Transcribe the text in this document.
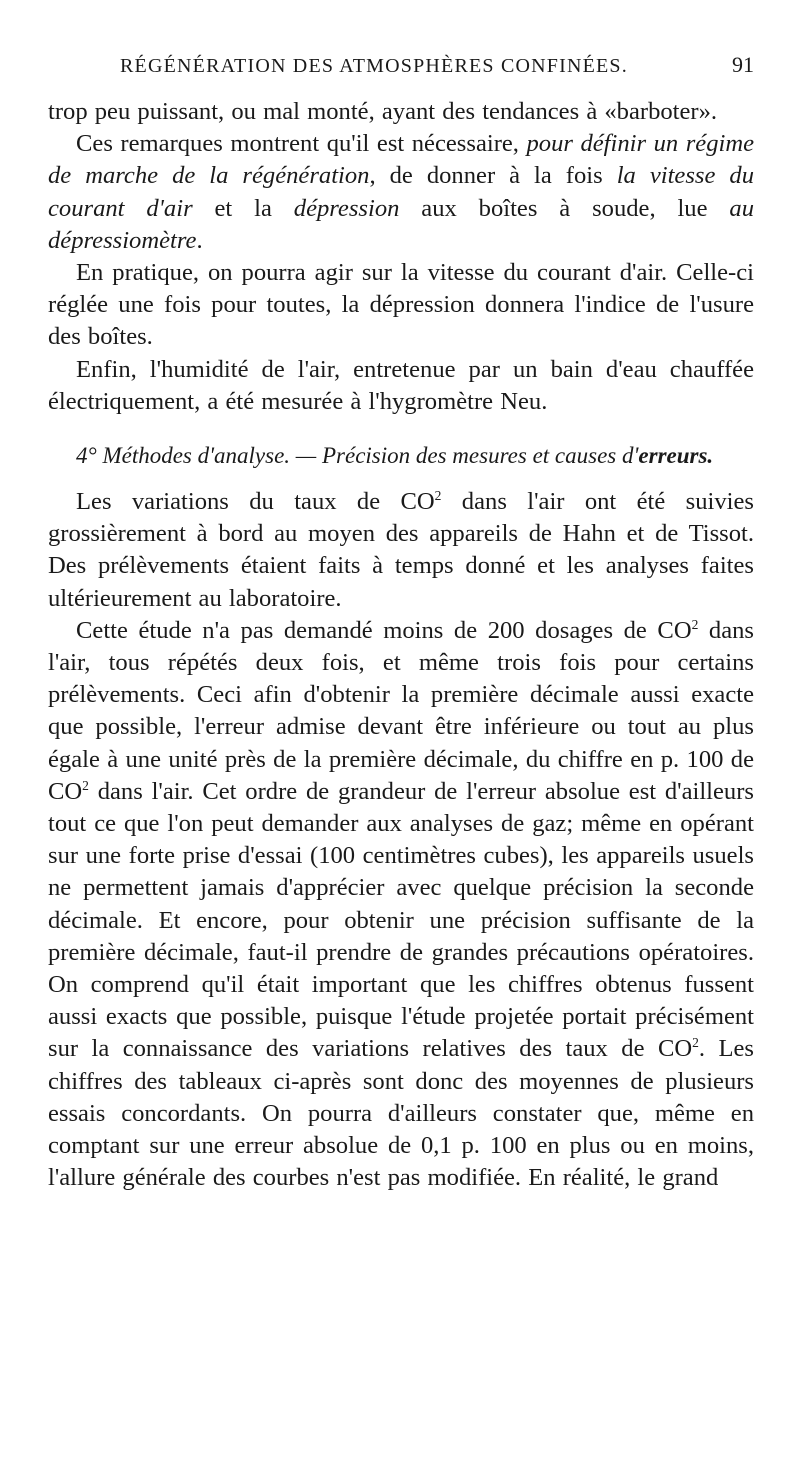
RÉGÉNÉRATION DES ATMOSPHÈRES CONFINÉES.	91

trop peu puissant, ou mal monté, ayant des tendances à «barboter».

Ces remarques montrent qu'il est nécessaire, pour définir un régime de marche de la régénération, de donner à la fois la vitesse du courant d'air et la dépression aux boîtes à soude, lue au dépressiomètre.

En pratique, on pourra agir sur la vitesse du courant d'air. Celle-ci réglée une fois pour toutes, la dépression donnera l'indice de l'usure des boîtes.

Enfin, l'humidité de l'air, entretenue par un bain d'eau chauffée électriquement, a été mesurée à l'hygromètre Neu.

4° Méthodes d'analyse. — Précision des mesures et causes d'erreurs.

Les variations du taux de $CO^2$ dans l'air ont été suivies grossièrement à bord au moyen des appareils de Hahn et de Tissot. Des prélèvements étaient faits à temps donné et les analyses faites ultérieurement au laboratoire.

Cette étude n'a pas demandé moins de 200 dosages de $CO^2$ dans l'air, tous répétés deux fois, et même trois fois pour certains prélèvements. Ceci afin d'obtenir la première décimale aussi exacte que possible, l'erreur admise devant être inférieure ou tout au plus égale à une unité près de la première décimale, du chiffre en p. 100 de $CO^2$ dans l'air. Cet ordre de grandeur de l'erreur absolue est d'ailleurs tout ce que l'on peut demander aux analyses de gaz; même en opérant sur une forte prise d'essai (100 centimètres cubes), les appareils usuels ne permettent jamais d'apprécier avec quelque précision la seconde décimale. Et encore, pour obtenir une précision suffisante de la première décimale, faut-il prendre de grandes précautions opératoires. On comprend qu'il était important que les chiffres obtenus fussent aussi exacts que possible, puisque l'étude projetée portait précisément sur la connaissance des variations relatives des taux de $CO^2$. Les chiffres des tableaux ci-après sont donc des moyennes de plusieurs essais concordants. On pourra d'ailleurs constater que, même en comptant sur une erreur absolue de 0,1 p. 100 en plus ou en moins, l'allure générale des courbes n'est pas modifiée. En réalité, le grand
